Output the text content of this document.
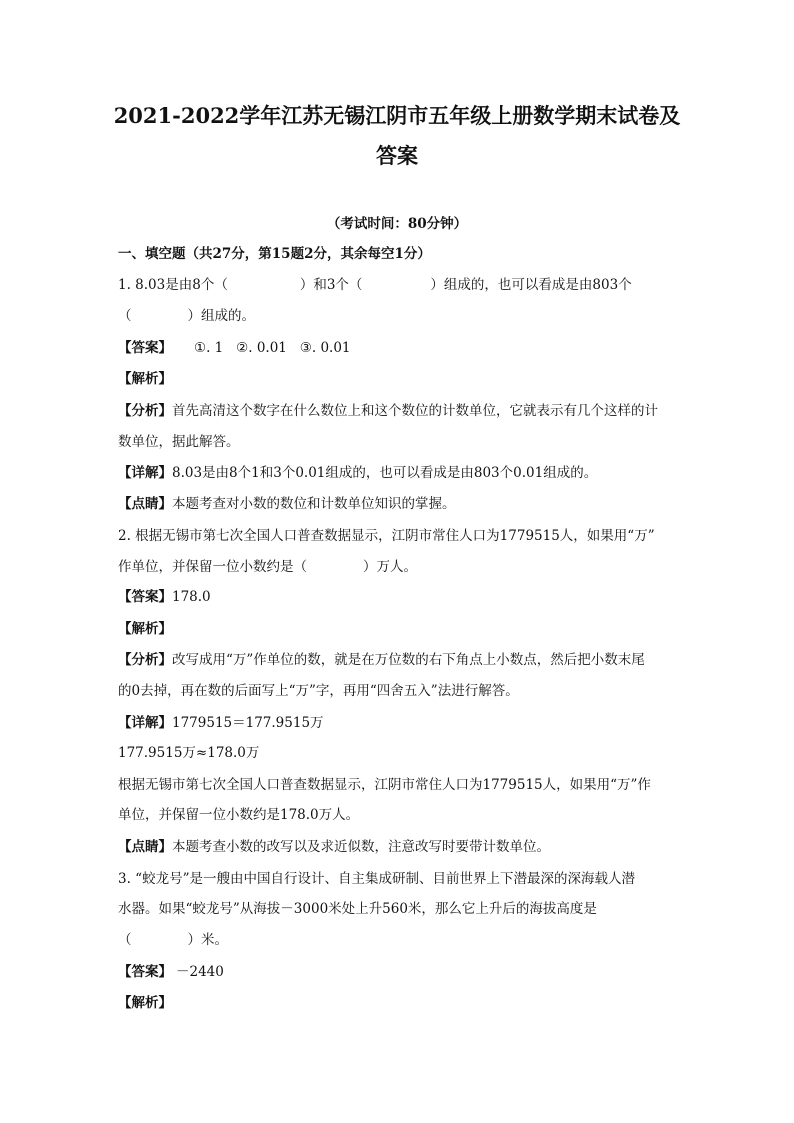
2021-2022学年江苏无锡江阴市五年级上册数学期末试卷及
答案

（考试时间：80分钟）

一、填空题（共27分，第15题2分，其余每空1分）

1. 8.03是由8个（	）和3个（	）组成的，也可以看成是由803个

（	）组成的。

【答案】 ①. 1   ②. 0.01   ③. 0.01

【解析】

【分析】首先高清这个数字在什么数位上和这个数位的计数单位，它就表示有几个这样的计

数单位，据此解答。

【详解】8.03是由8个1和3个0.01组成的，也可以看成是由803个0.01组成的。

【点睛】本题考查对小数的数位和计数单位知识的掌握。

2. 根据无锡市第七次全国人口普查数据显示，江阴市常住人口为1779515人，如果用“万”

作单位，并保留一位小数约是（	）万人。

【答案】178.0

【解析】

【分析】改写成用“万”作单位的数，就是在万位数的右下角点上小数点，然后把小数末尾

的0去掉，再在数的后面写上“万”字，再用“四舍五入”法进行解答。

【详解】1779515＝177.9515万

177.9515万≈178.0万

根据无锡市第七次全国人口普查数据显示，江阴市常住人口为1779515人，如果用“万”作

单位，并保留一位小数约是178.0万人。

【点睛】本题考查小数的改写以及求近似数，注意改写时要带计数单位。

3. “蛟龙号”是一艘由中国自行设计、自主集成研制、目前世界上下潜最深的深海载人潜

水器。如果“蛟龙号”从海拔－3000米处上升560米，那么它上升后的海拔高度是

（	）米。

【答案】 －2440

【解析】
